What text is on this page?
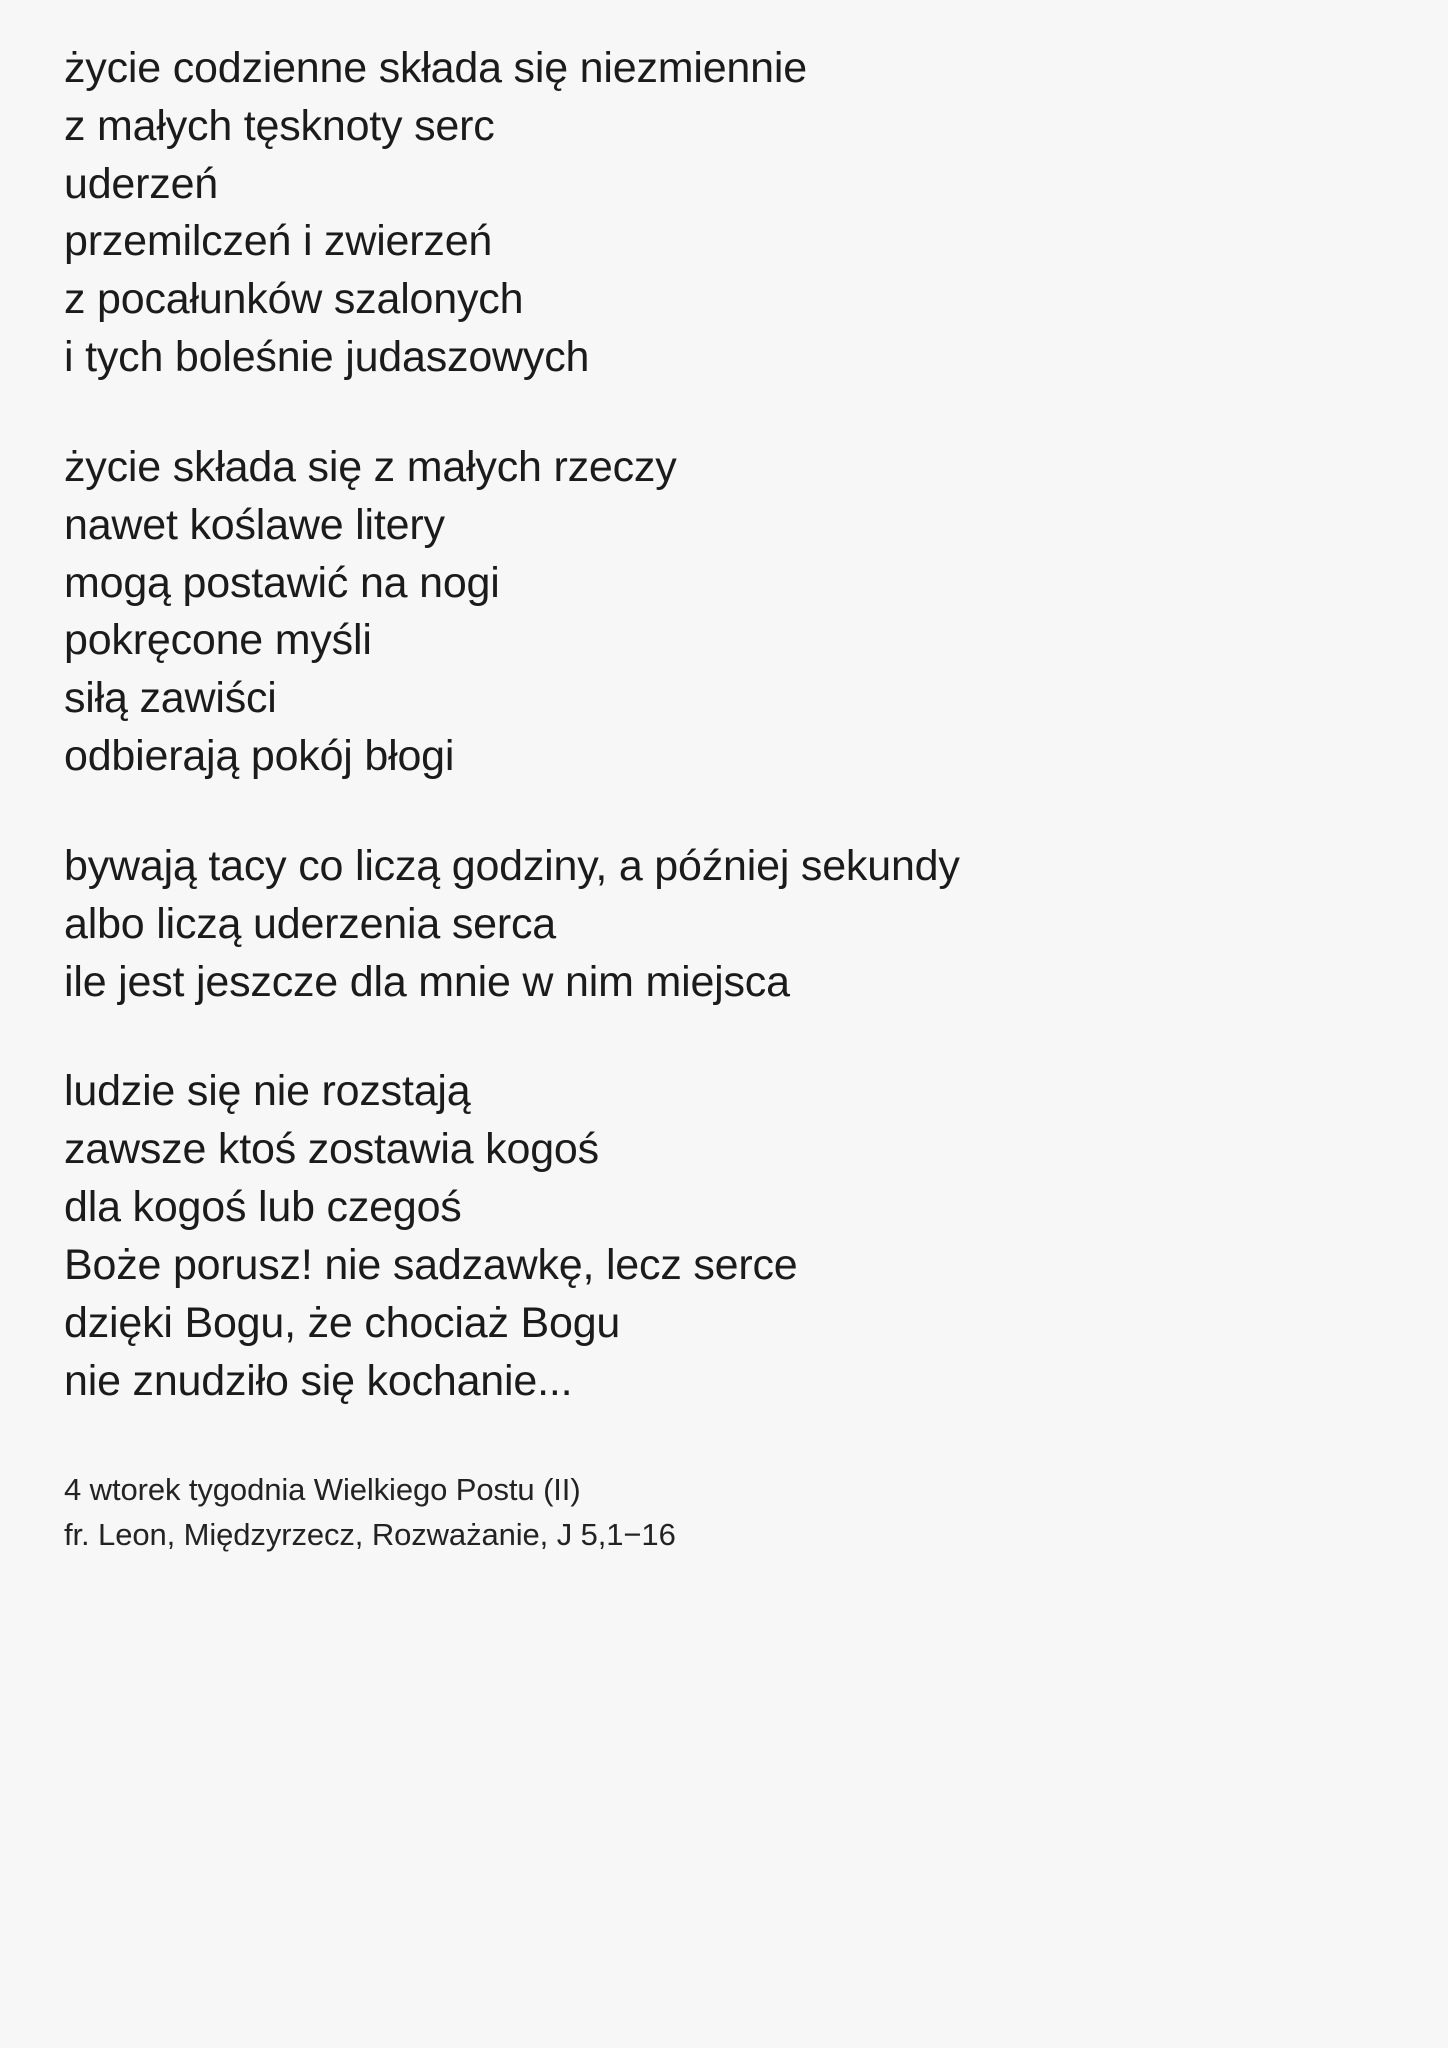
życie codzienne składa się niezmiennie
z małych tęsknoty serc
uderzeń
przemilczeń i zwierzeń
z pocałunków szalonych
i tych boleśnie judaszowych
życie składa się z małych rzeczy
nawet koślawe litery
mogą postawić na nogi
pokręcone myśli
siłą zawiści
odbierają pokój błogi
bywają tacy co liczą godziny, a później sekundy
albo liczą uderzenia serca
ile jest jeszcze dla mnie w nim miejsca
ludzie się nie rozstają
zawsze ktoś zostawia kogoś
dla kogoś lub czegoś
Boże porusz! nie sadzawkę, lecz serce
dzięki Bogu, że chociaż Bogu
nie znudziło się kochanie...
4 wtorek tygodnia Wielkiego Postu (II)
fr. Leon, Międzyrzecz, Rozważanie, J 5,1−16
